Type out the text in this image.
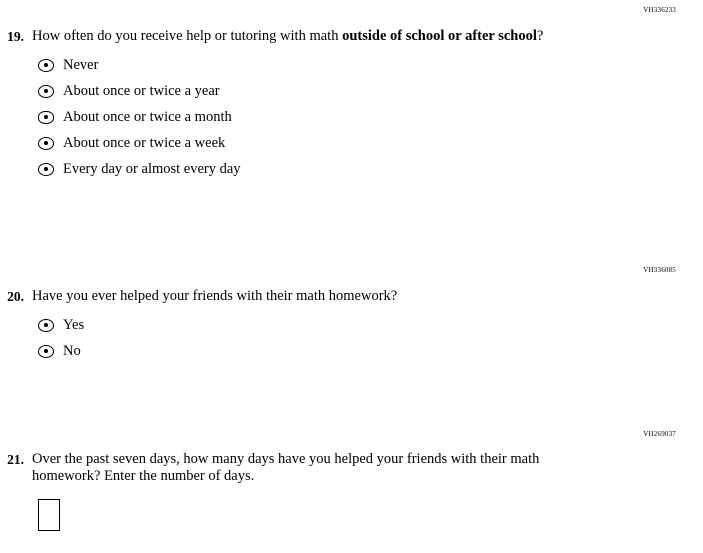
VH336233
19. How often do you receive help or tutoring with math outside of school or after school?
Never
About once or twice a year
About once or twice a month
About once or twice a week
Every day or almost every day
VH336085
20. Have you ever helped your friends with their math homework?
Yes
No
VH269037
21. Over the past seven days, how many days have you helped your friends with their math homework? Enter the number of days.
